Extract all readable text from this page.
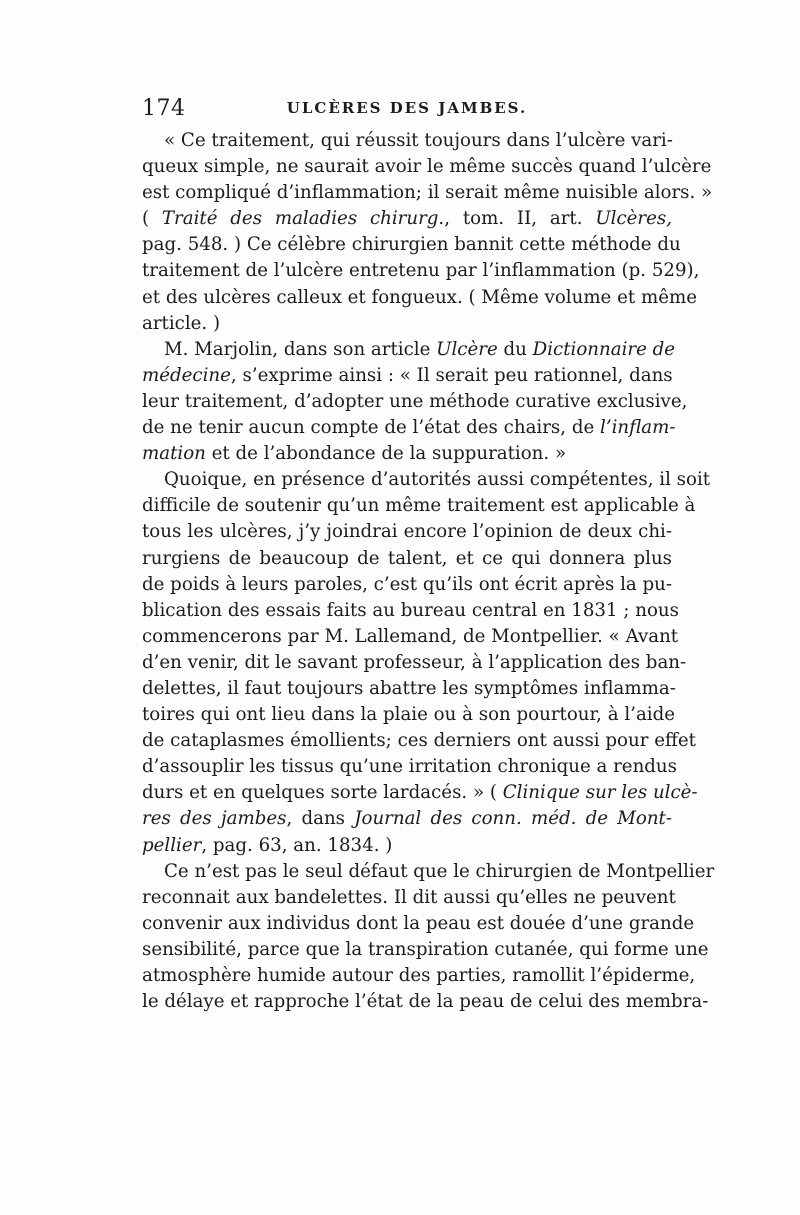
174	ULCÈRES DES JAMBES.
« Ce traitement, qui réussit toujours dans l’ulcère vari-
queux simple, ne saurait avoir le même succès quand l’ulcère
est compliqué d’inflammation; il serait même nuisible alors. »
( Traité des maladies chirurg., tom. II, art. Ulcères,
pag. 548. ) Ce célèbre chirurgien bannit cette méthode du
traitement de l’ulcère entretenu par l’inflammation (p. 529),
et des ulcères calleux et fongueux. ( Même volume et même
article. )
M. Marjolin, dans son article Ulcère du Dictionnaire de
médecine, s’exprime ainsi : « Il serait peu rationnel, dans
leur traitement, d’adopter une méthode curative exclusive,
de ne tenir aucun compte de l’état des chairs, de l’inflam-
mation et de l’abondance de la suppuration. »
Quoique, en présence d’autorités aussi compétentes, il soit
difficile de soutenir qu’un même traitement est applicable à
tous les ulcères, j’y joindrai encore l’opinion de deux chi-
rurgiens de beaucoup de talent, et ce qui donnera plus
de poids à leurs paroles, c’est qu’ils ont écrit après la pu-
blication des essais faits au bureau central en 1831 ; nous
commencerons par M. Lallemand, de Montpellier. « Avant
d’en venir, dit le savant professeur, à l’application des ban-
delettes, il faut toujours abattre les symptômes inflamma-
toires qui ont lieu dans la plaie ou à son pourtour, à l’aide
de cataplasmes émollients; ces derniers ont aussi pour effet
d’assouplir les tissus qu’une irritation chronique a rendus
durs et en quelques sorte lardacés. » ( Clinique sur les ulcè-
res des jambes, dans Journal des conn. méd. de Mont-
pellier, pag. 63, an. 1834. )
Ce n’est pas le seul défaut que le chirurgien de Montpellier
reconnait aux bandelettes. Il dit aussi qu’elles ne peuvent
convenir aux individus dont la peau est douée d’une grande
sensibilité, parce que la transpiration cutanée, qui forme une
atmosphère humide autour des parties, ramollit l’épiderme,
le délaye et rapproche l’état de la peau de celui des membra-
